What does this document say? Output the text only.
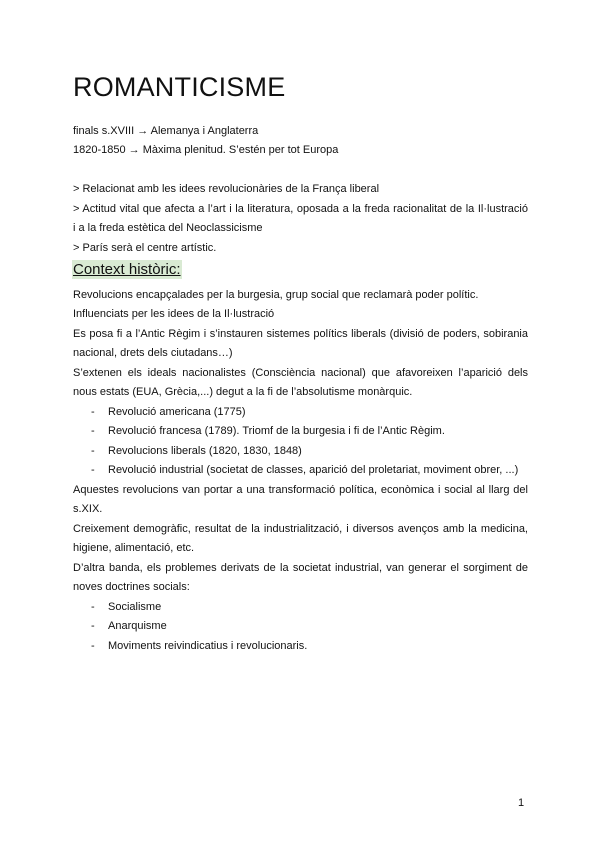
ROMANTICISME
finals s.XVIII → Alemanya i Anglaterra
1820-1850 → Màxima plenitud. S’estén per tot Europa
> Relacionat amb les idees revolucionàries de la França liberal
> Actitud vital que afecta a l’art i la literatura, oposada a la freda racionalitat de la Il·lustració
i a la freda estètica del Neoclassicisme
> París serà el centre artístic.
Context històric:
Revolucions encapçalades per la burgesia, grup social que reclamarà poder polític.
Influenciats per les idees de la Il·lustració
Es posa fi a l’Antic Règim i s’instauren sistemes polítics liberals (divisió de poders, sobirania
nacional, drets dels ciutadans…)
S’extenen els ideals nacionalistes (Consciència nacional) que afavoreixen l’aparició dels
nous estats (EUA, Grècia,...) degut a la fi de l’absolutisme monàrquic.
- Revolució americana (1775)
- Revolució francesa (1789). Triomf de la burgesia i fi de l’Antic Règim.
- Revolucions liberals (1820, 1830, 1848)
- Revolució industrial (societat de classes, aparició del proletariat, moviment obrer, ...)
Aquestes revolucions van portar a una transformació política, econòmica i social al llarg del
s.XIX.
Creixement demogràfic, resultat de la industrialització, i diversos avenços amb la medicina,
higiene, alimentació, etc.
D’altra banda, els problemes derivats de la societat industrial, van generar el sorgiment de
noves doctrines socials:
- Socialisme
- Anarquisme
- Moviments reivindicatius i revolucionaris.
1
